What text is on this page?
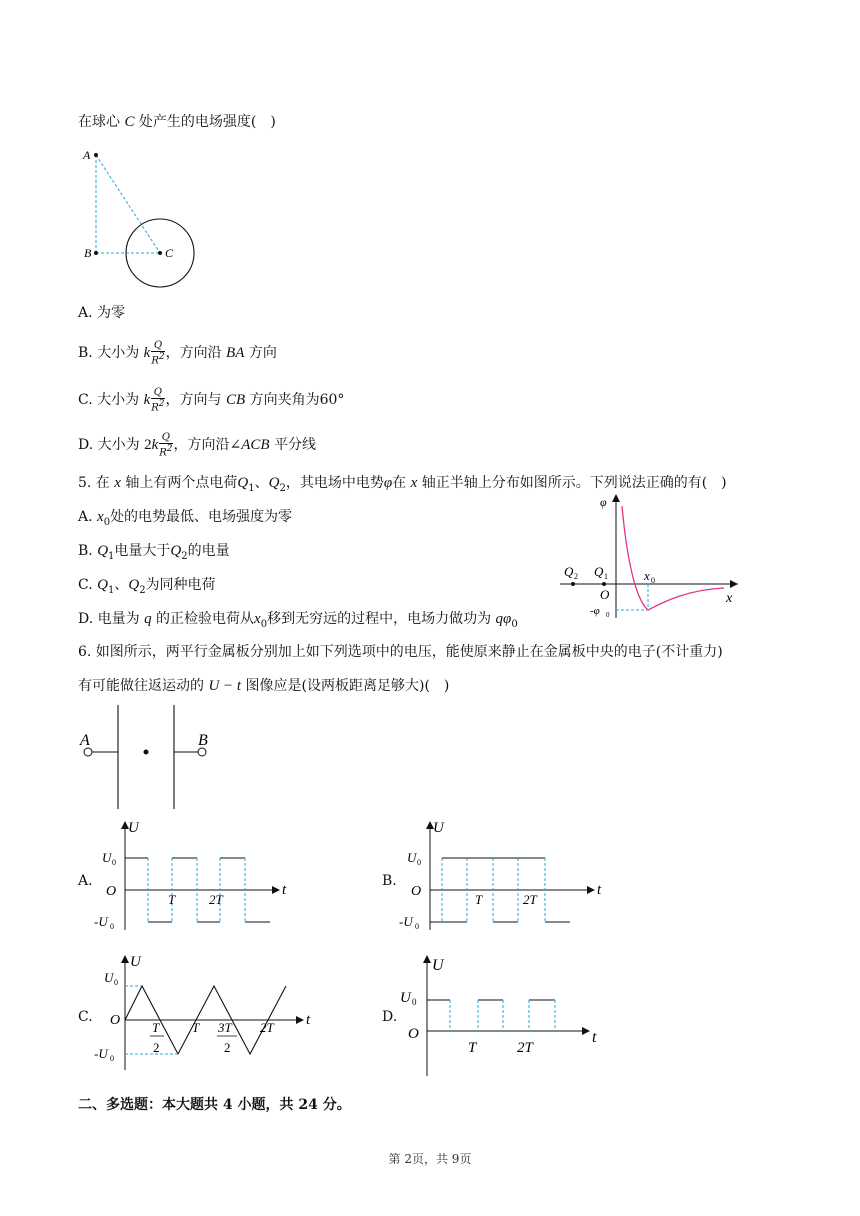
在球心 C 处产生的电场强度(　)
A
B	C
A. 为零
B. 大小为 k $\frac{Q}{R^2}$ ，方向沿 BA 方向
C. 大小为 k $\frac{Q}{R^2}$ ，方向与 CB 方向夹角为60°
D. 大小为 $2k \frac{Q}{R^2}$ ，方向沿∠ACB 平分线
5. 在 x 轴上有两个点电荷$Q_1$、$Q_2$，其电场中电势φ在 x 轴正半轴上分布如图所示。下列说法正确的有(　)
A. $x_0$处的电势最低、电场强度为零
B. $Q_1$电量大于$Q_2$的电量
C. $Q_1$、$Q_2$为同种电荷
D. 电量为 q 的正检验电荷从$x_0$移到无穷远的过程中，电场力做功为 $q\varphi_0$
φ
Q 2 Q 1	x 0
O	x
-φ 0
6. 如图所示，两平行金属板分别加上如下列选项中的电压，能使原来静止在金属板中央的电子(不计重力)
有可能做往返运动的 U − t 图像应是(设两板距离足够大)(　)
A	B
A.	B.
C.	D.
U
t
O
U 0
-U 0
T	2T
U
t
O
U 0
-U 0
T	2T
U
t
O
U 0
-U 0
T
2
T 3T
2
2T
U
t
O
U 0
T	2T
二、多选题：本大题共 4 小题，共 24 分。
第 2页，共 9页
